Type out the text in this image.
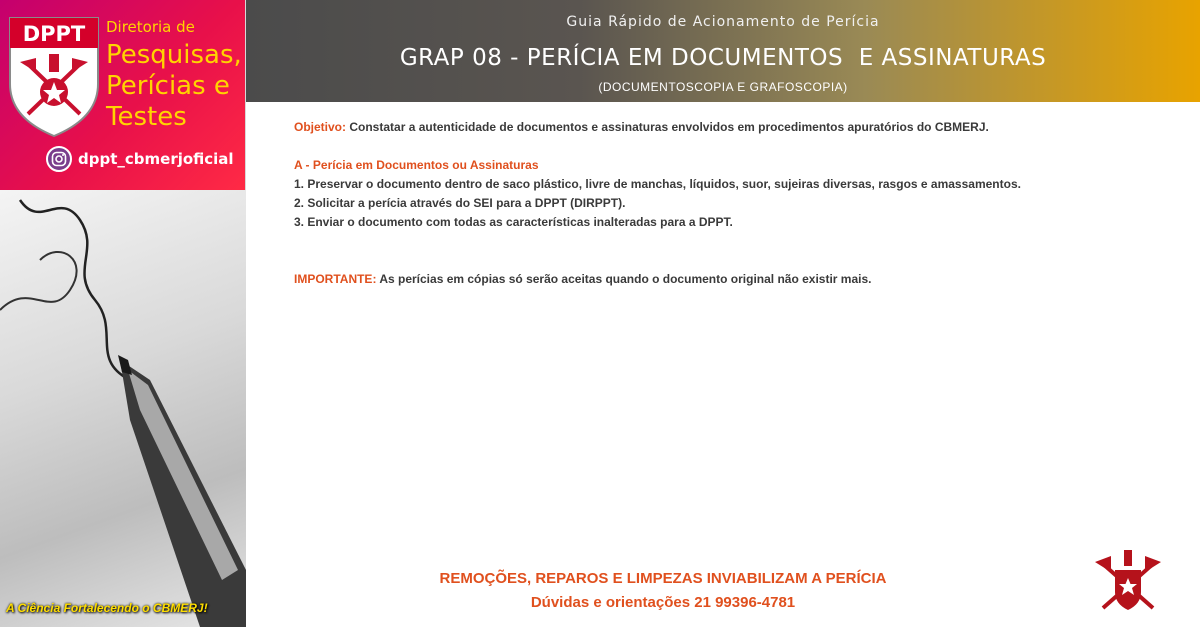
DPPT Diretoria de
Pesquisas,
Perícias e
Testes
dppt_cbmerjoficial
A Ciência Fortalecendo o CBMERJ!
Guia Rápido de Acionamento de Perícia
GRAP 08 - PERÍCIA EM DOCUMENTOS  E ASSINATURAS
(DOCUMENTOSCOPIA E GRAFOSCOPIA)
Objetivo: Constatar a autenticidade de documentos e assinaturas envolvidos em procedimentos apuratórios do CBMERJ.
A - Perícia em Documentos ou Assinaturas
1. Preservar o documento dentro de saco plástico, livre de manchas, líquidos, suor, sujeiras diversas, rasgos e amassamentos.
2. Solicitar a perícia através do SEI para a DPPT (DIRPPT).
3. Enviar o documento com todas as características inalteradas para a DPPT.
IMPORTANTE: As perícias em cópias só serão aceitas quando o documento original não existir mais.
REMOÇÕES, REPAROS E LIMPEZAS INVIABILIZAM A PERÍCIA
Dúvidas e orientações 21 99396-4781
